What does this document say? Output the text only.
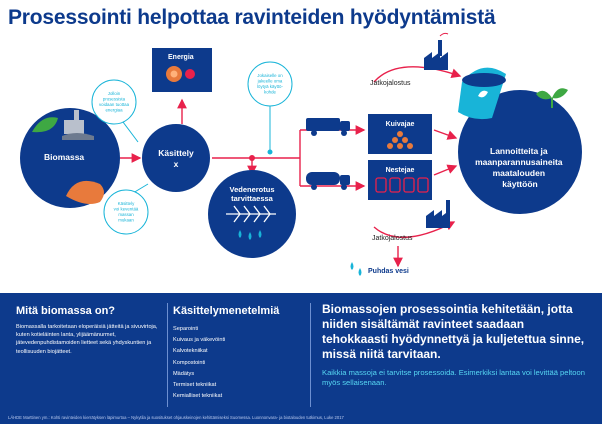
Prosessointi helpottaa ravinteiden hyödyntämistä
Biomassa
Energia
Käsittely x
Vedenerotus tarvittaessa
Kuivajae
Nestejae
Jatkojalostus
Jatkojalostus
Puhdas vesi
Lannoitteita ja maanparannusaineita maatalouden käyttöön
Jolloin prosessista voidaan tuottaa energiaa
Käsittely voi keventää massan mukaan
Jokaiselle on jakeelle oma löytyä käyttö-kohde
Mitä biomassa on?
Biomassalla tarkoitetaan eloperäisiä jätteitä ja sivuvirtoja, kuten kotieläinten lanta, ylijäämänurmet, jätevedenpuhdistamoiden lietteet sekä yhdyskuntien ja teollisuuden biojätteet.
Käsittelymenetelmiä
Separointi
Kuivaus ja väkevöinti
Kalvotekniikat
Kompostointi
Mädätys
Termiset tekniikat
Kemialliset tekniikat
Biomassojen prosessointia kehitetään, jotta niiden sisältämät ravinteet saadaan tehokkaasti hyödynnettyä ja kuljetettua sinne, missä niitä tarvitaan.
Kaikkia massoja ei tarvitse prosessoida. Esimerkiksi lantaa voi levittää peltoon myös sellaisenaan.
LÄHDE Marttinen ym.: Kohti ravinteiden kierrätyksen läpimurtoa – Nykytila ja suositukset ohjauskeinojen kehittämiseksi Suomessa. Luonnonvara- ja biotalouden tutkimus, Luke 2017
